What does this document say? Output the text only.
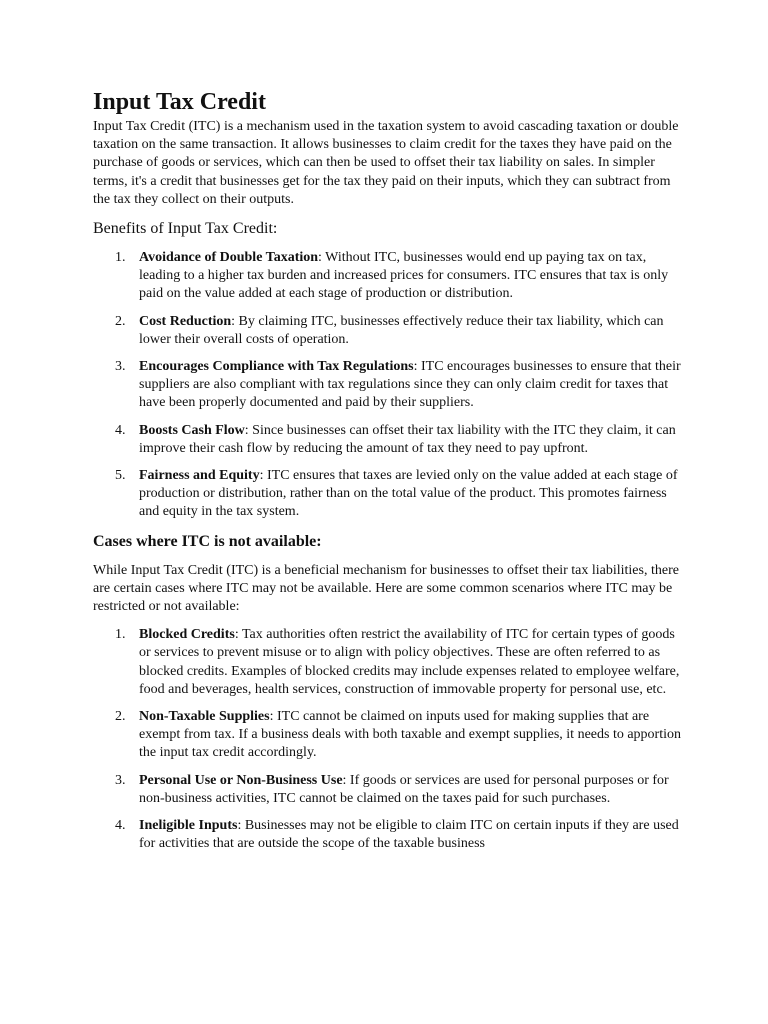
Input Tax Credit

Input Tax Credit (ITC) is a mechanism used in the taxation system to avoid cascading taxation or double taxation on the same transaction. It allows businesses to claim credit for the taxes they have paid on the purchase of goods or services, which can then be used to offset their tax liability on sales. In simpler terms, it's a credit that businesses get for the tax they paid on their inputs, which they can subtract from the tax they collect on their outputs.

Benefits of Input Tax Credit:
1. Avoidance of Double Taxation: Without ITC, businesses would end up paying tax on tax, leading to a higher tax burden and increased prices for consumers. ITC ensures that tax is only paid on the value added at each stage of production or distribution.
2. Cost Reduction: By claiming ITC, businesses effectively reduce their tax liability, which can lower their overall costs of operation.
3. Encourages Compliance with Tax Regulations: ITC encourages businesses to ensure that their suppliers are also compliant with tax regulations since they can only claim credit for taxes that have been properly documented and paid by their suppliers.
4. Boosts Cash Flow: Since businesses can offset their tax liability with the ITC they claim, it can improve their cash flow by reducing the amount of tax they need to pay upfront.
5. Fairness and Equity: ITC ensures that taxes are levied only on the value added at each stage of production or distribution, rather than on the total value of the product. This promotes fairness and equity in the tax system.
Cases where ITC is not available:

While Input Tax Credit (ITC) is a beneficial mechanism for businesses to offset their tax liabilities, there are certain cases where ITC may not be available. Here are some common scenarios where ITC may be restricted or not available:

1. Blocked Credits: Tax authorities often restrict the availability of ITC for certain types of goods or services to prevent misuse or to align with policy objectives. These are often referred to as blocked credits. Examples of blocked credits may include expenses related to employee welfare, food and beverages, health services, construction of immovable property for personal use, etc.
2. Non-Taxable Supplies: ITC cannot be claimed on inputs used for making supplies that are exempt from tax. If a business deals with both taxable and exempt supplies, it needs to apportion the input tax credit accordingly.
3. Personal Use or Non-Business Use: If goods or services are used for personal purposes or for non-business activities, ITC cannot be claimed on the taxes paid for such purchases.
4. Ineligible Inputs: Businesses may not be eligible to claim ITC on certain inputs if they are used for activities that are outside the scope of the taxable business
